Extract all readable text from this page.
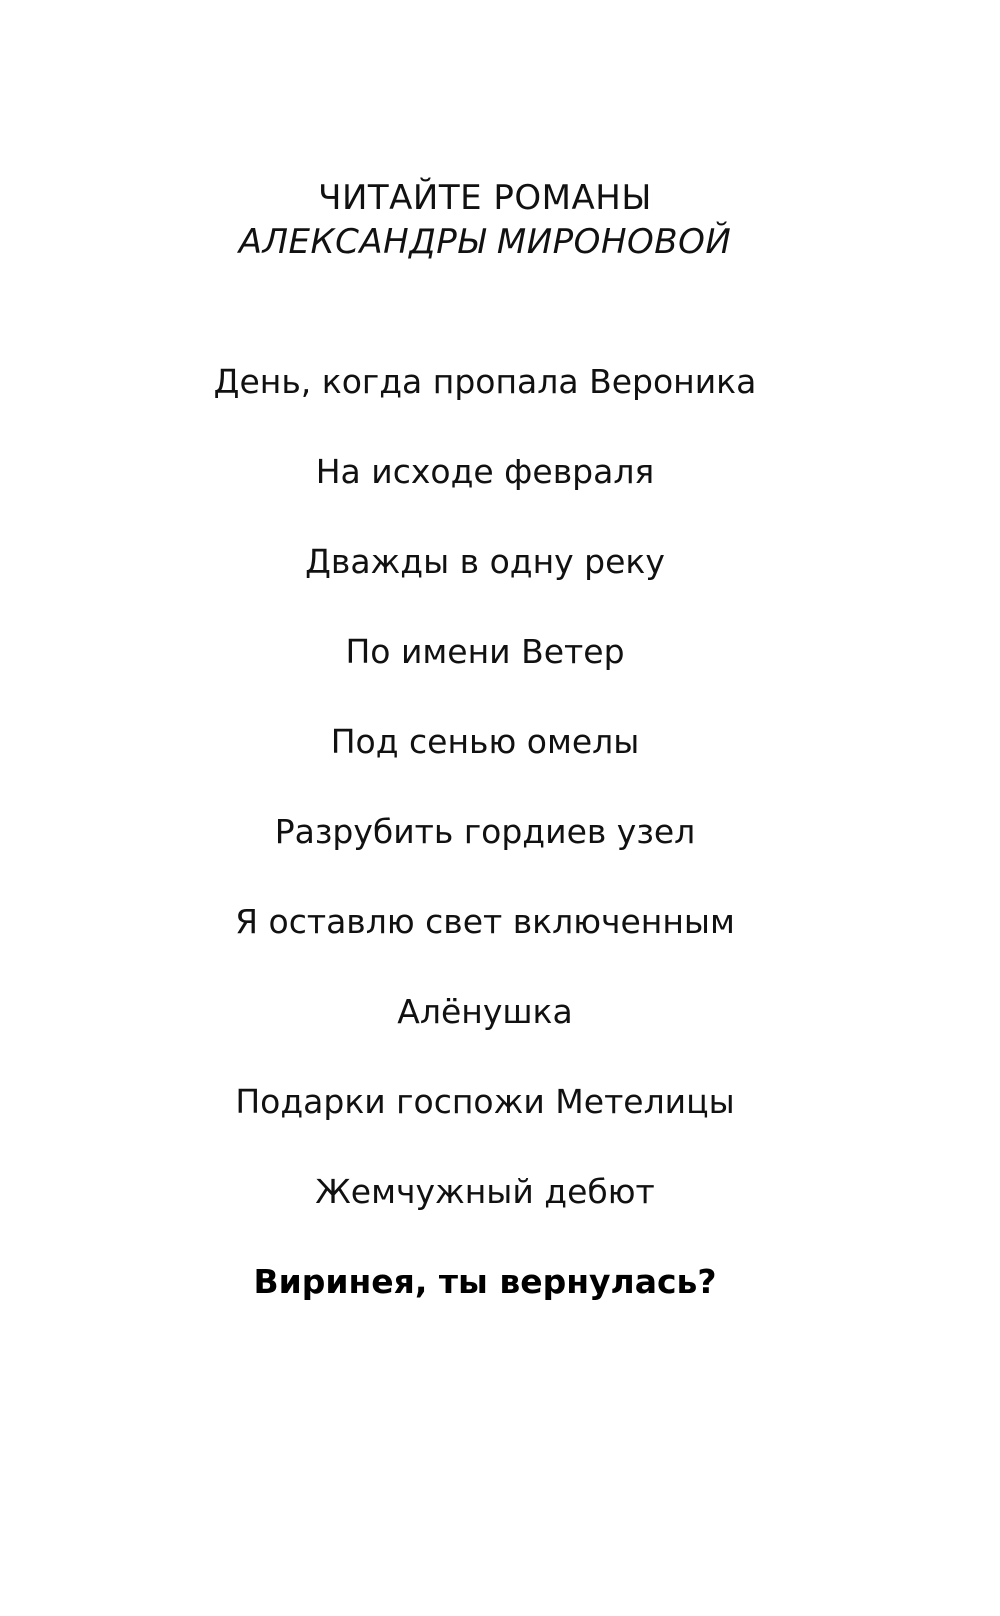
ЧИТАЙТЕ РОМАНЫ
АЛЕКСАНДРЫ МИРОНОВОЙ
День, когда пропала Вероника
На исходе февраля
Дважды в одну реку
По имени Ветер
Под сенью омелы
Разрубить гордиев узел
Я оставлю свет включенным
Алёнушка
Подарки госпожи Метелицы
Жемчужный дебют
Виринея, ты вернулась?
